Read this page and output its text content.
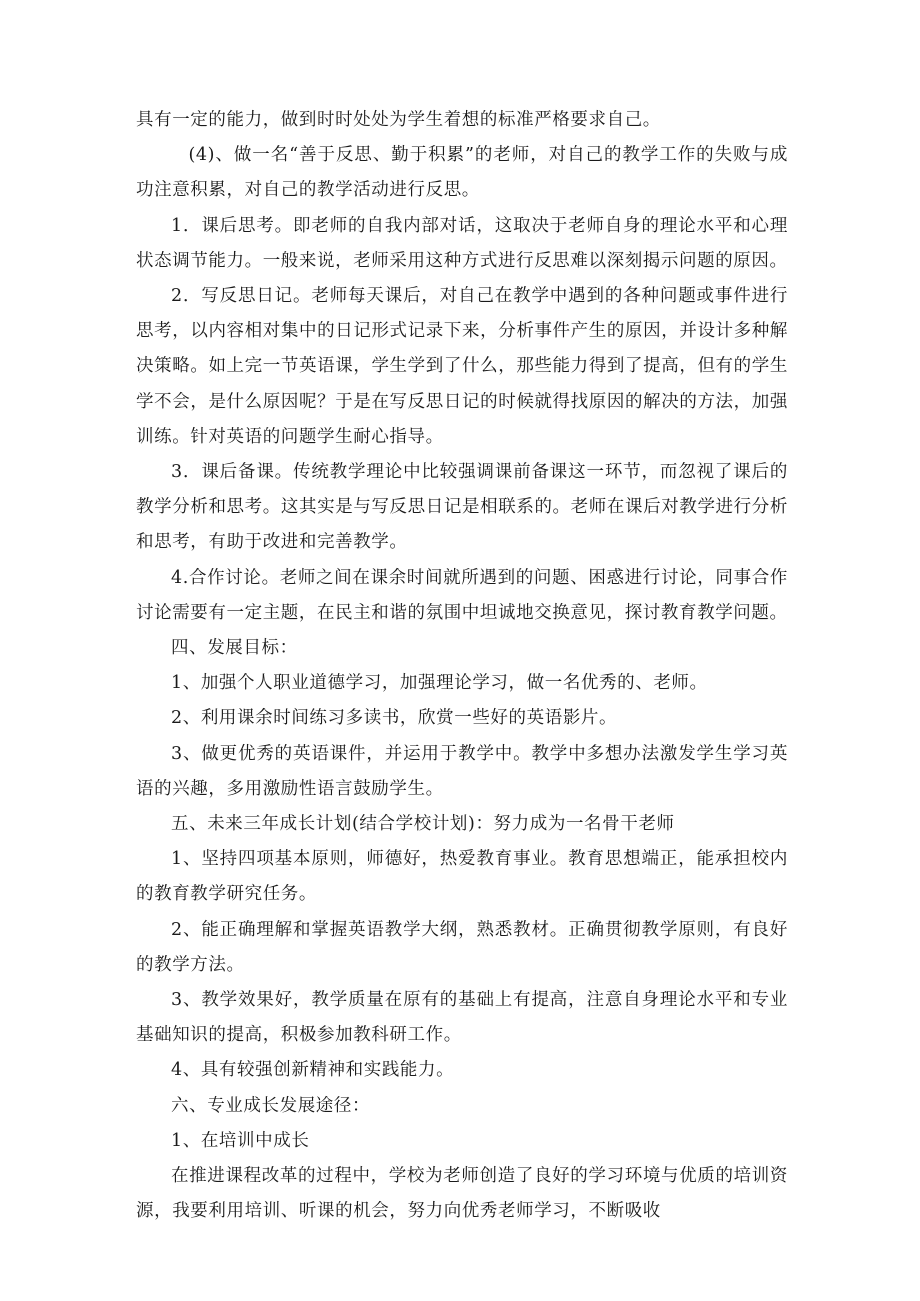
具有一定的能力，做到时时处处为学生着想的标准严格要求自己。

(4)、做一名“善于反思、勤于积累”的老师，对自己的教学工作的失败与成功注意积累，对自己的教学活动进行反思。

1．课后思考。即老师的自我内部对话，这取决于老师自身的理论水平和心理状态调节能力。一般来说，老师采用这种方式进行反思难以深刻揭示问题的原因。

2．写反思日记。老师每天课后，对自己在教学中遇到的各种问题或事件进行思考，以内容相对集中的日记形式记录下来，分析事件产生的原因，并设计多种解决策略。如上完一节英语课，学生学到了什么，那些能力得到了提高，但有的学生学不会，是什么原因呢？于是在写反思日记的时候就得找原因的解决的方法，加强训练。针对英语的问题学生耐心指导。

3．课后备课。传统教学理论中比较强调课前备课这一环节，而忽视了课后的教学分析和思考。这其实是与写反思日记是相联系的。老师在课后对教学进行分析和思考，有助于改进和完善教学。

4.合作讨论。老师之间在课余时间就所遇到的问题、困惑进行讨论，同事合作讨论需要有一定主题，在民主和谐的氛围中坦诚地交换意见，探讨教育教学问题。

四、发展目标：

1、加强个人职业道德学习，加强理论学习，做一名优秀的、老师。

2、利用课余时间练习多读书，欣赏一些好的英语影片。

3、做更优秀的英语课件，并运用于教学中。教学中多想办法激发学生学习英语的兴趣，多用激励性语言鼓励学生。

五、未来三年成长计划(结合学校计划)：努力成为一名骨干老师

1、坚持四项基本原则，师德好，热爱教育事业。教育思想端正，能承担校内的教育教学研究任务。

2、能正确理解和掌握英语教学大纲，熟悉教材。正确贯彻教学原则，有良好的教学方法。

3、教学效果好，教学质量在原有的基础上有提高，注意自身理论水平和专业基础知识的提高，积极参加教科研工作。

4、具有较强创新精神和实践能力。

六、专业成长发展途径：

1、在培训中成长

在推进课程改革的过程中，学校为老师创造了良好的学习环境与优质的培训资源，我要利用培训、听课的机会，努力向优秀老师学习，不断吸收
